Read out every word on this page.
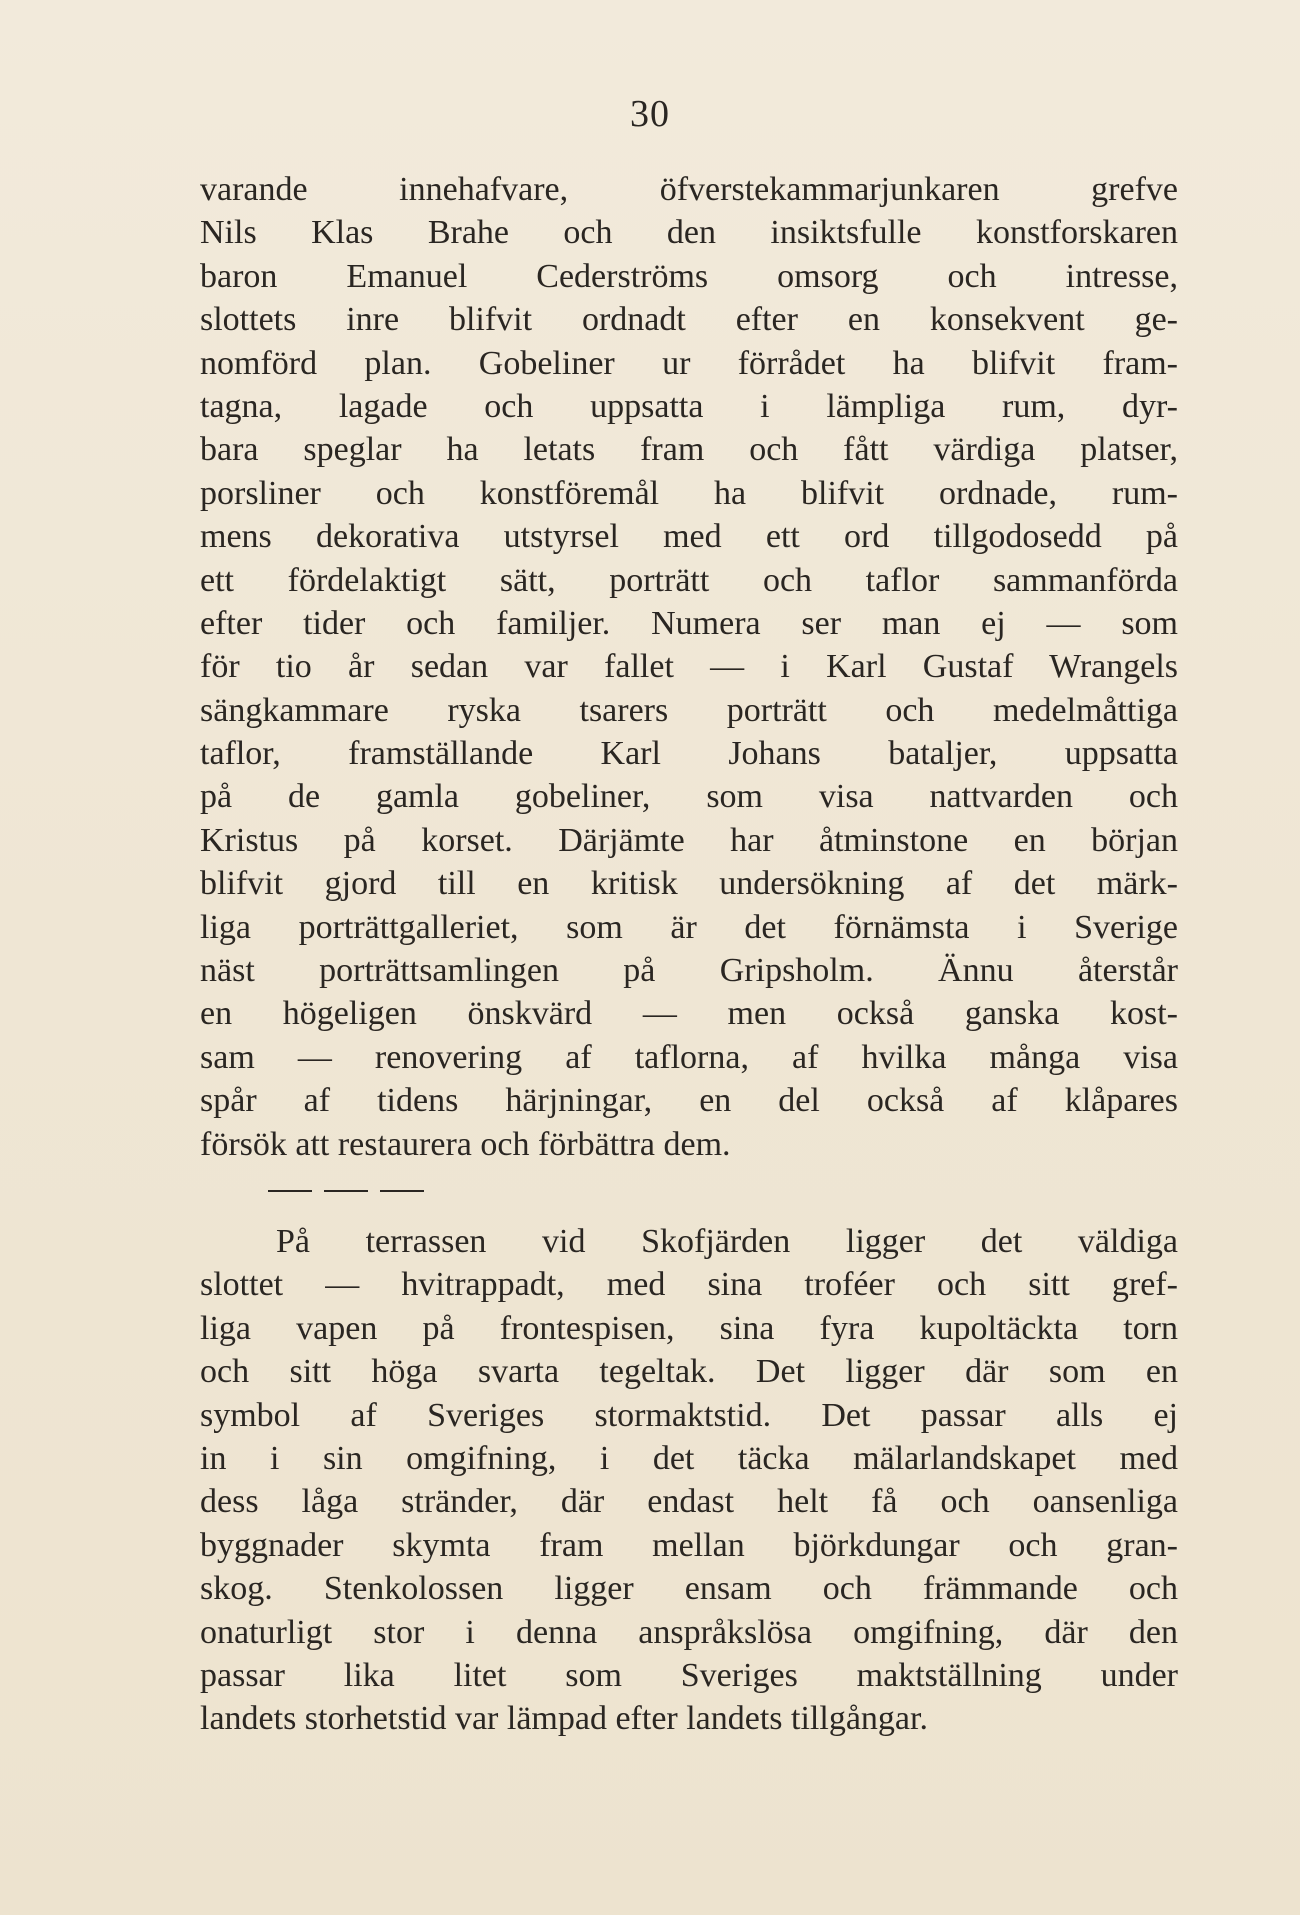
30
varande innehafvare, öfverstekammarjunkaren grefve
Nils Klas Brahe och den insiktsfulle konstforskaren
baron Emanuel Cederströms omsorg och intresse,
slottets inre blifvit ordnadt efter en konsekvent ge-
nomförd plan. Gobeliner ur förrådet ha blifvit fram-
tagna, lagade och uppsatta i lämpliga rum, dyr-
bara speglar ha letats fram och fått värdiga platser,
porsliner och konstföremål ha blifvit ordnade, rum-
mens dekorativa utstyrsel med ett ord tillgodosedd på
ett fördelaktigt sätt, porträtt och taflor sammanförda
efter tider och familjer. Numera ser man ej — som
för tio år sedan var fallet — i Karl Gustaf Wrangels
sängkammare ryska tsarers porträtt och medelmåttiga
taflor, framställande Karl Johans bataljer, uppsatta
på de gamla gobeliner, som visa nattvarden och
Kristus på korset. Därjämte har åtminstone en början
blifvit gjord till en kritisk undersökning af det märk-
liga porträttgalleriet, som är det förnämsta i Sverige
näst porträttsamlingen på Gripsholm. Ännu återstår
en högeligen önskvärd — men också ganska kost-
sam — renovering af taflorna, af hvilka många visa
spår af tidens härjningar, en del också af klåpares
försök att restaurera och förbättra dem.
På terrassen vid Skofjärden ligger det väldiga
slottet — hvitrappadt, med sina troféer och sitt gref-
liga vapen på frontespisen, sina fyra kupoltäckta torn
och sitt höga svarta tegeltak. Det ligger där som en
symbol af Sveriges stormaktstid. Det passar alls ej
in i sin omgifning, i det täcka mälarlandskapet med
dess låga stränder, där endast helt få och oansenliga
byggnader skymta fram mellan björkdungar och gran-
skog. Stenkolossen ligger ensam och främmande och
onaturligt stor i denna anspråkslösa omgifning, där den
passar lika litet som Sveriges maktställning under
landets storhetstid var lämpad efter landets tillgångar.
